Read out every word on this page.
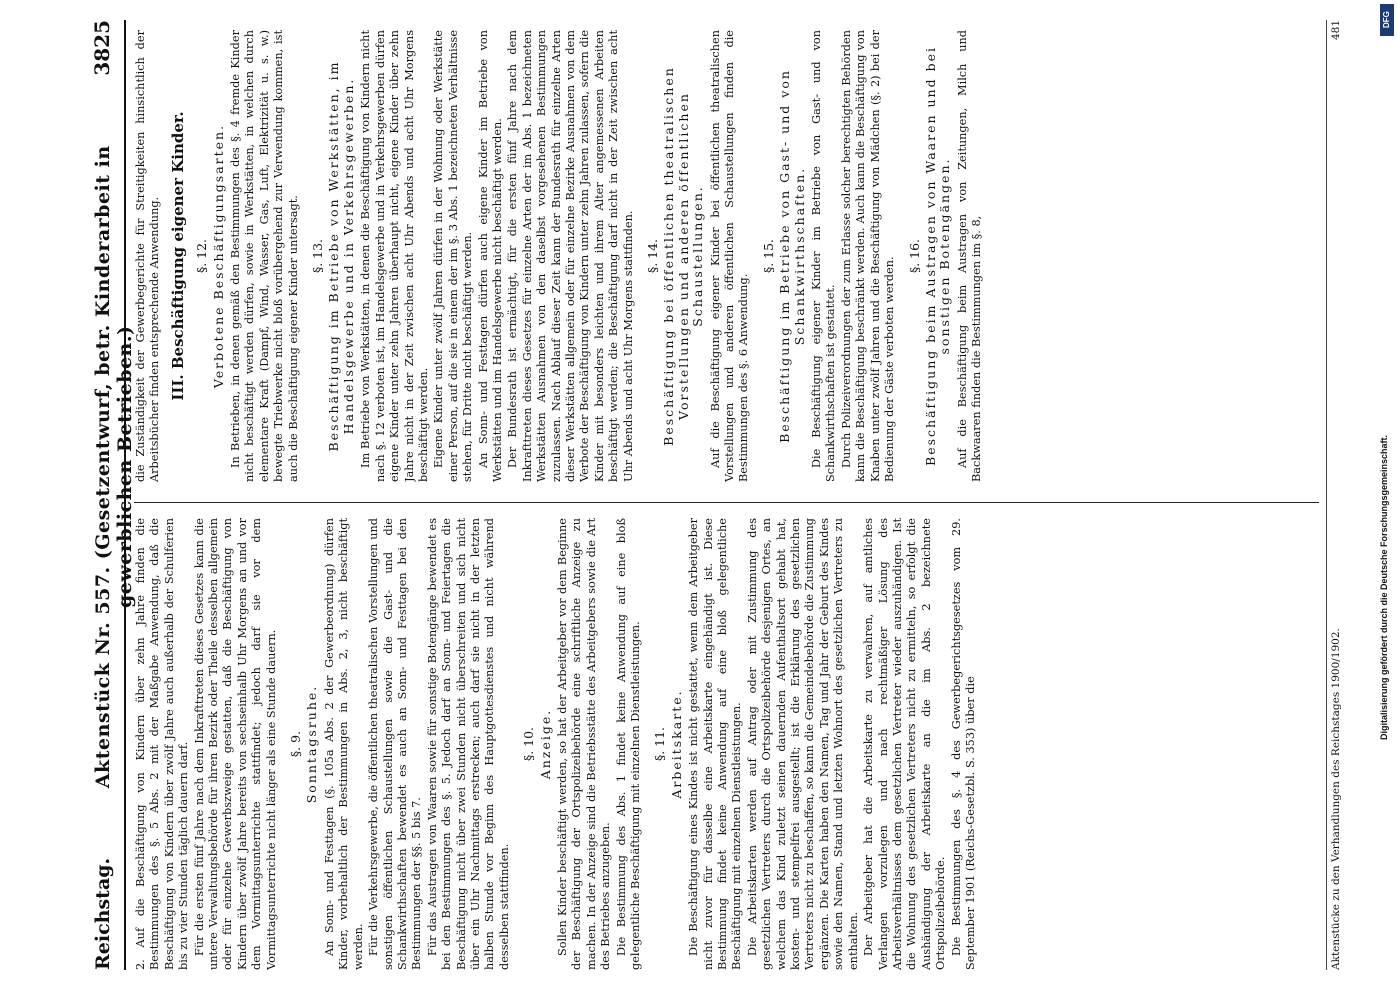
Reichstag.
Aktenstück Nr. 557. (Gesetzentwurf, betr. Kinderarbeit in gewerblichen Betrieben.)
3825

2. Auf die Beschäftigung von Kindern über zehn Jahre finden die Bestimmungen des §. 5 Abs. 2 mit der Maßgabe Anwendung, daß die Beschäftigung von Kindern über zwölf Jahre auch außerhalb der Schulferien bis zu vier Stunden täglich dauern darf. Für die ersten fünf Jahre nach dem Inkrafttreten dieses Gesetzes kann die untere Verwaltungsbehörde für ihren Bezirk oder Theile desselben allgemein oder für einzelne Gewerbszweige gestatten, daß die Beschäftigung von Kindern über zwölf Jahre bereits von sechseinhalb Uhr Morgens an und vor dem Vormittagsunterrichte stattfindet; jedoch darf sie vor dem Vormittagsunterrichte nicht länger als eine Stunde dauern. §. 9. Sonntagsruhe. An Sonn- und Festtagen (§. 105a Abs. 2 der Gewerbeordnung) dürfen Kinder, vorbehaltlich der Bestimmungen in Abs. 2, 3, nicht beschäftigt werden. Für die Verkehrsgewerbe, die öffentlichen theatralischen Vorstellungen und sonstigen öffentlichen Schaustellungen sowie die Gast- und die Schankwirthschaften bewendet es auch an Sonn- und Festtagen bei den Bestimmungen der §§. 5 bis 7. Für das Austragen von Waaren sowie für sonstige Botengänge bewendet es bei den Bestimmungen des §. 5. Jedoch darf an Sonn- und Feiertagen die Beschäftigung nicht über zwei Stunden nicht überschreiten und sich nicht über ein Uhr Nachmittags erstrecken; auch darf sie nicht in der letzten halben Stunde vor Beginn des Hauptgottesdienstes und nicht während desselben stattfinden.

§. 10. Anzeige. Sollen Kinder beschäftigt werden, so hat der Arbeitgeber vor dem Beginne der Beschäftigung der Ortspolizeibehörde eine schriftliche Anzeige zu machen. In der Anzeige sind die Betriebsstätte des Arbeitgebers sowie die Art des Betriebes anzugeben. Die Bestimmung des Abs. 1 findet keine Anwendung auf eine bloß gelegentliche Beschäftigung mit einzelnen Dienstleistungen. §. 11. Arbeitskarte. Die Beschäftigung eines Kindes ist nicht gestattet, wenn dem Arbeitgeber nicht zuvor für dasselbe eine Arbeitskarte eingehändigt ist. Diese Bestimmung findet keine Anwendung auf eine bloß gelegentliche Beschäftigung mit einzelnen Dienstleistungen. Die Arbeitskarten werden auf Antrag oder mit Zustimmung des gesetzlichen Vertreters durch die Ortspolizeibehörde desjenigen Ortes, an welchem das Kind zuletzt seinen dauernden Aufenthaltsort gehabt hat, kosten- und stempelfrei ausgestellt; ist die Erklärung des gesetzlichen Vertreters nicht zu beschaffen, so kann die Gemeindebehörde die Zustimmung ergänzen. Die Karten haben den Namen, Tag und Jahr der Geburt des Kindes sowie den Namen, Stand und letzten Wohnort des gesetzlichen Vertreters zu enthalten. Der Arbeitgeber hat die Arbeitskarte zu verwahren, auf amtliches Verlangen vorzulegen und nach rechtmäßiger Lösung des Arbeitsverhältnisses dem gesetzlichen Vertreter wieder auszuhändigen. Ist die Wohnung des gesetzlichen Vertreters nicht zu ermitteln, so erfolgt die Aushändigung der Arbeitskarte an die im Abs. 2 bezeichnete Ortspolizeibehörde. Die Bestimmungen des §. 4 des Gewerbegerichtsgesetzes vom 29. September 1901 (Reichs-Gesetzbl. S. 353) über die

die Zuständigkeit der Gewerbegerichte für Streitigkeiten hinsichtlich der Arbeitsbücher finden entsprechende Anwendung. III. Beschäftigung eigener Kinder. §. 12. Verbotene Beschäftigungsarten. In Betrieben, in denen gemäß den Bestimmungen des §. 4 fremde Kinder nicht beschäftigt werden dürfen, sowie in Werkstätten, in welchen durch elementare Kraft (Dampf, Wind, Wasser, Gas, Luft, Elektrizität u. s. w.) bewegte Triebwerke nicht bloß vorübergehend zur Verwendung kommen, ist auch die Beschäftigung eigener Kinder untersagt. §. 13. Beschäftigung im Betriebe von Werkstätten, im Handelsgewerbe und in Verkehrsgewerben. Im Betriebe von Werkstätten, in denen die Beschäftigung von Kindern nicht nach §. 12 verboten ist, im Handelsgewerbe und in Verkehrsgewerben dürfen eigene Kinder unter zehn Jahren überhaupt nicht, eigene Kinder über zehn Jahre nicht in der Zeit zwischen acht Uhr Abends und acht Uhr Morgens beschäftigt werden. Eigene Kinder unter zwölf Jahren dürfen in der Wohnung oder Werkstätte einer Person, auf die sie in einem der im §. 3 Abs. 1 bezeichneten Verhältnisse stehen, für Dritte nicht beschäftigt werden. An Sonn- und Festtagen dürfen auch eigene Kinder im Betriebe von Werkstätten und im Handelsgewerbe nicht beschäftigt werden. Der Bundesrath ist ermächtigt, für die ersten fünf Jahre nach dem Inkrafttreten dieses Gesetzes für einzelne Arten der im Abs. 1 bezeichneten Werkstätten Ausnahmen von den daselbst vorgesehenen Bestimmungen zuzulassen. Nach Ablauf dieser Zeit kann der Bundesrath für einzelne Arten dieser Werkstätten allgemein oder für einzelne Bezirke Ausnahmen von dem Verbote der Beschäftigung von Kindern unter zehn Jahren zulassen, sofern die Kinder mit besonders leichten und ihrem Alter angemessenen Arbeiten beschäftigt werden; die Beschäftigung darf nicht in der Zeit zwischen acht Uhr Abends und acht Uhr Morgens stattfinden. §. 14. Beschäftigung bei öffentlichen theatralischen Vorstellungen und anderen öffentlichen Schaustellungen. Auf die Beschäftigung eigener Kinder bei öffentlichen theatralischen Vorstellungen und anderen öffentlichen Schaustellungen finden die Bestimmungen des §. 6 Anwendung.

§. 15. Beschäftigung im Betriebe von Gast- und von Schankwirthschaften. Die Beschäftigung eigener Kinder im Betriebe von Gast- und von Schankwirthschaften ist gestattet. Durch Polizeiverordnungen der zum Erlasse solcher berechtigten Behörden kann die Beschäftigung beschränkt werden. Auch kann die Beschäftigung von Knaben unter zwölf Jahren und die Beschäftigung von Mädchen (§. 2) bei der Bedienung der Gäste verboten werden.

§. 16. Beschäftigung beim Austragen von Waaren und bei sonstigen Botengängen. Auf die Beschäftigung beim Austragen von Zeitungen, Milch und Backwaaren finden die Bestimmungen im §. 8,

Aktenstücke zu den Verhandlungen des Reichstages 1900/1902.
481	DFG
Digitalisierung gefördert durch die Deutsche Forschungsgemeinschaft.
